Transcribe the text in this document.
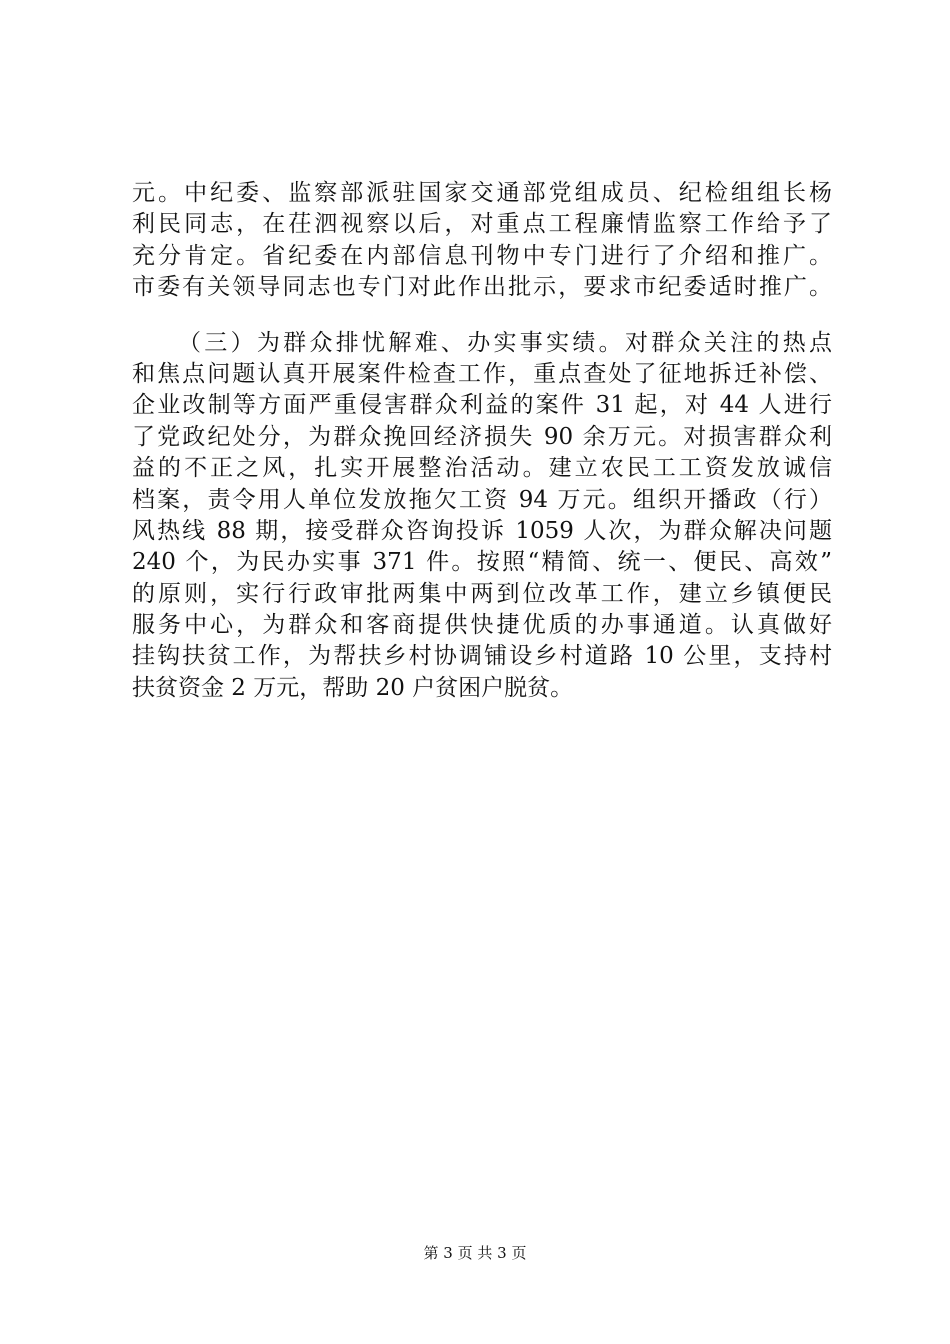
元。中纪委、监察部派驻国家交通部党组成员、纪检组组长杨
利民同志，在茌泗视察以后，对重点工程廉情监察工作给予了
充分肯定。省纪委在内部信息刊物中专门进行了介绍和推广。
市委有关领导同志也专门对此作出批示，要求市纪委适时推广。
（三）为群众排忧解难、办实事实绩。对群众关注的热点
和焦点问题认真开展案件检查工作，重点查处了征地拆迁补偿、
企业改制等方面严重侵害群众利益的案件 31 起，对 44 人进行
了党政纪处分，为群众挽回经济损失 90 余万元。对损害群众利
益的不正之风，扎实开展整治活动。建立农民工工资发放诚信
档案，责令用人单位发放拖欠工资 94 万元。组织开播政（行）
风热线 88 期，接受群众咨询投诉 1059 人次，为群众解决问题
240 个，为民办实事 371 件。按照“精简、统一、便民、高效”
的原则，实行行政审批两集中两到位改革工作，建立乡镇便民
服务中心，为群众和客商提供快捷优质的办事通道。认真做好
挂钩扶贫工作，为帮扶乡村协调铺设乡村道路 10 公里，支持村
扶贫资金 2 万元，帮助 20 户贫困户脱贫。
第 3 页 共 3 页
